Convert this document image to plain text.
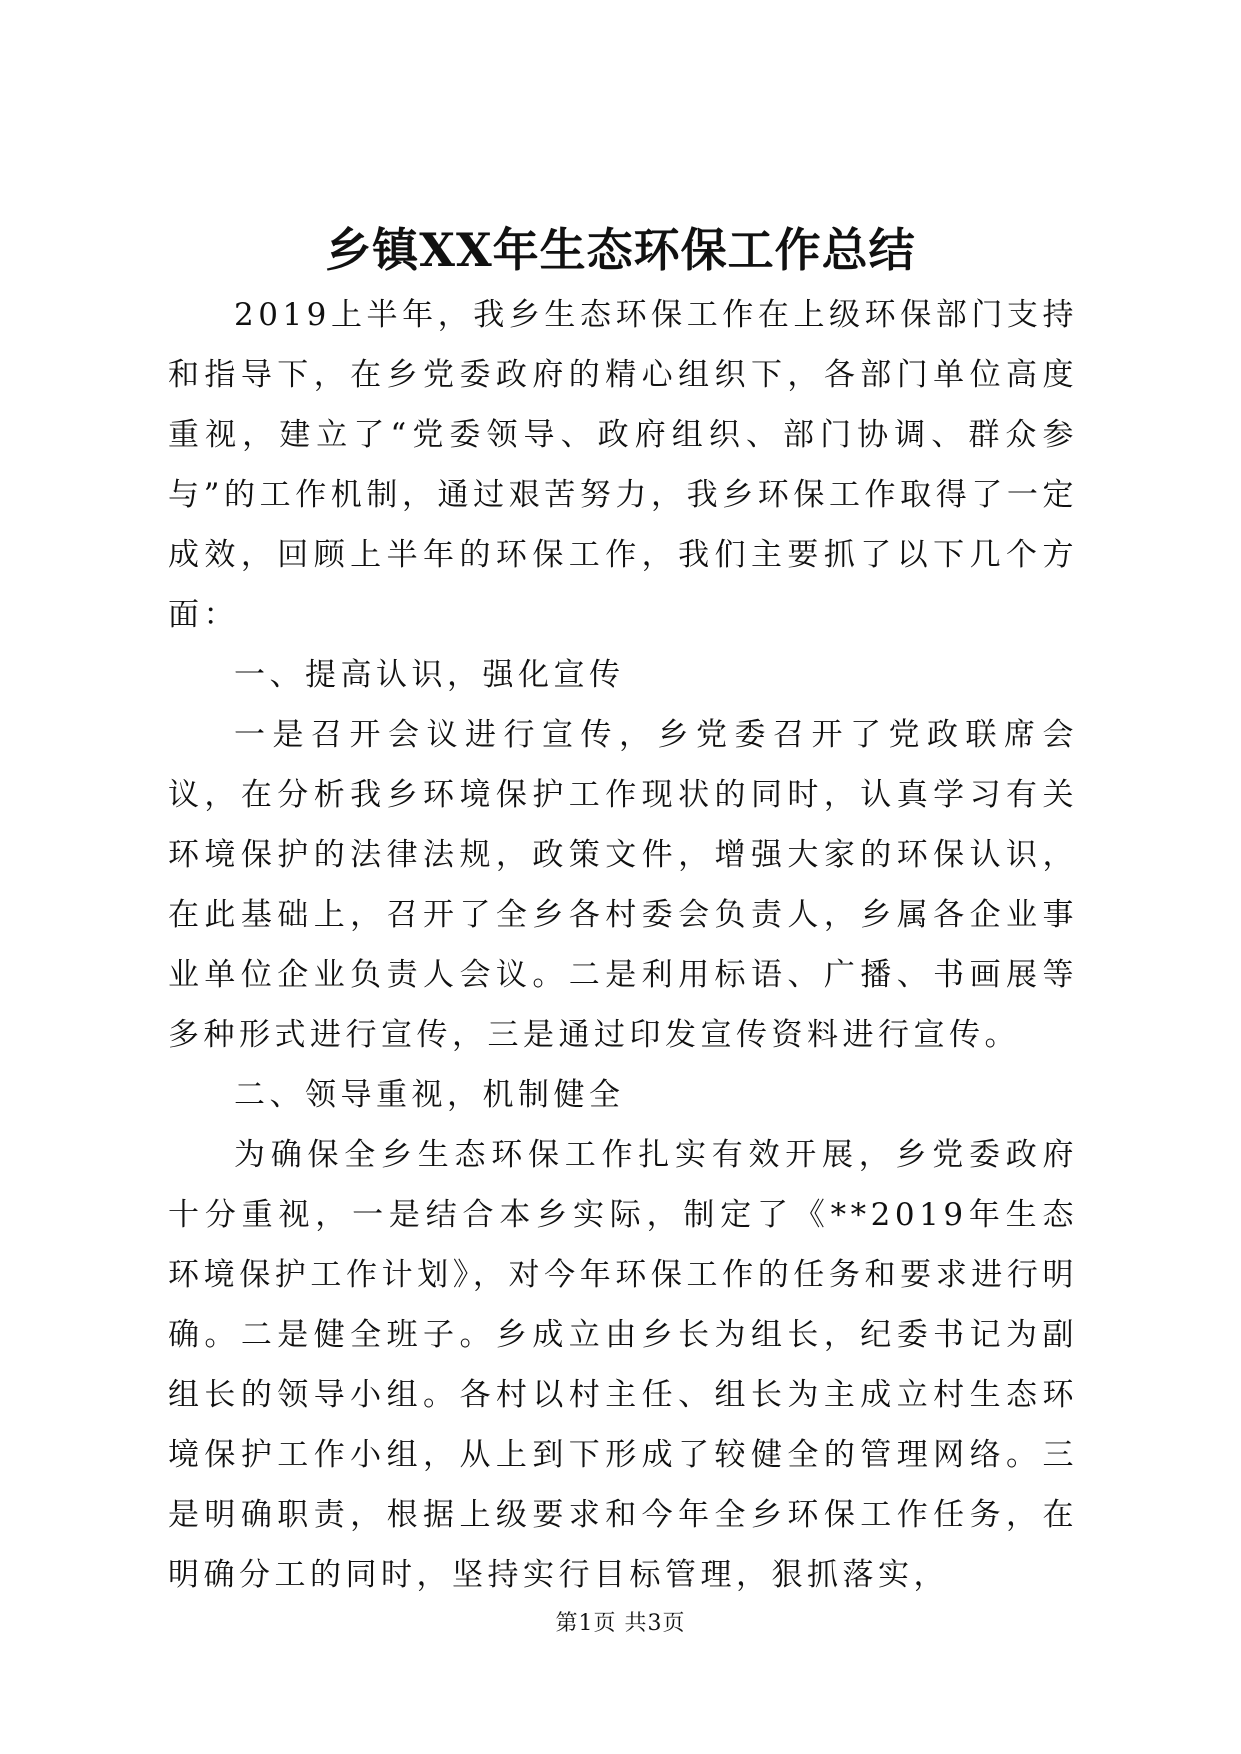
乡镇XX年生态环保工作总结

2019上半年，我乡生态环保工作在上级环保部门支持和指导下，在乡党委政府的精心组织下，各部门单位高度重视，建立了“党委领导、政府组织、部门协调、群众参与”的工作机制，通过艰苦努力，我乡环保工作取得了一定成效，回顾上半年的环保工作，我们主要抓了以下几个方面：

一、提高认识，强化宣传

一是召开会议进行宣传，乡党委召开了党政联席会议，在分析我乡环境保护工作现状的同时，认真学习有关环境保护的法律法规，政策文件，增强大家的环保认识，在此基础上，召开了全乡各村委会负责人，乡属各企业事业单位企业负责人会议。二是利用标语、广播、书画展等多种形式进行宣传，三是通过印发宣传资料进行宣传。

二、领导重视，机制健全

为确保全乡生态环保工作扎实有效开展，乡党委政府十分重视，一是结合本乡实际，制定了《**2019年生态环境保护工作计划》，对今年环保工作的任务和要求进行明确。二是健全班子。乡成立由乡长为组长，纪委书记为副组长的领导小组。各村以村主任、组长为主成立村生态环境保护工作小组，从上到下形成了较健全的管理网络。三是明确职责，根据上级要求和今年全乡环保工作任务，在明确分工的同时，坚持实行目标管理，狠抓落实，

第1页 共3页
